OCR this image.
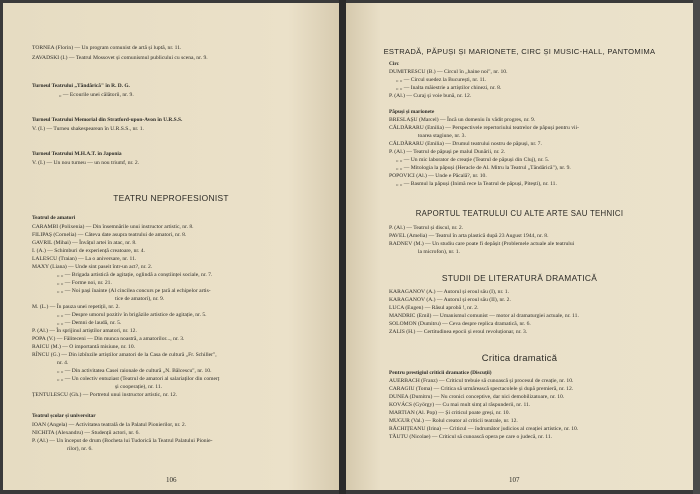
TORNEA (Florin) — Un program comunist de artă și luptă, nr. 11.
ZAVADSKI (I.) — Teatrul Mossovet și comunismul publicului cu scena, nr. 9.
Turneul Teatrului „Tăndărică" în R. D. G.
„ — Ecourile unei călătorii, nr. 9.
Turneul Teatrului Memorial din Stratford-upon-Avon în U.R.S.S.
V. (I.) — Turneu shakespearean în U.R.S.S., nr. 1.
Turneul Teatrului M.H.A.T. în Japonia
V. (I.) — Un nou turneu — un nou triumf, nr. 2.
TEATRU NEPROFESIONIST
Teatrul de amatori
CARAMBI (Polixenia) — Din însemnările unui instructor artistic, nr. 8.
FILIPAȘ (Cornelia) — Câteva date asupra teatrului de amatori, nr. 8.
GAVRIL (Mihai) — Învățul artei în atac, nr. 8.
I. (A.) — Schimburi de experiență creatoare, nr. 4.
LALESCU (Traian) — La o aniversare, nr. 11.
MAXY (Liana) — Unde sint paseit într-un act?, nr. 2.
„ „ — Brigada artistică de agitație, oglindă a conștiinței sociale, nr. 7.
„ „ — Forme noi, nr. 21.
„ „ — Noi pași înainte (Al cincilea concurs pe țară al echipelor artis-
tice de amatori), nr. 9.
M. (L.) — În pauza unei repetiții, nr. 2.
„ „ — Despre umorul pozitiv în brigăzile artistice de agitație, nr. 5.
„ „ — Demni de laudă, nr. 5.
P. (Al.) — În sprijinul artiștilor amatori, nr. 12.
POPA (V.) — Făliteceni — Din munca noastră, a amatorilor..., nr. 3.
RAICU (M.) — O importantă misiune, nr. 10.
RÎNCU (G.) — Din izbînzile artiștilor amatori de la Casa de cultură „Fr. Schiller",
nr. 4.
„ „ — Din activitatea Casei raionale de cultură „N. Bălcescu", nr. 10.
„ „ — Un colectiv entuziast (Teatrul de amatori al salariaților din comerț
și cooperație), nr. 11.
ȚENTULESCU (Gh.) — Portretul unui instructor artistic, nr. 12.
Teatrul școlar și universitar
IOAN (Angela) — Activitatea teatrală de la Palatul Pionierilor, nr. 2.
NICHITA (Alexandru) — Studenții actori, nr. 6.
P. (Al.) — Un început de drum (Bocheta lui Tudorică la Teatrul Palatului Pionie-
rilor), nr. 6.
106
ESTRADĂ, PĂPUȘI ȘI MARIONETE, CIRC ȘI MUSIC-HALL, PANTOMIMA
Circ
DUMITRESCU (B.) — Circul în „haine noi", nr. 10.
„ „ — Circul suedez la București, nr. 11.
„ „ — Inalta măiestrie a artiștilor chinezi, nr. 8.
P. (Al.) — Curaj și voie bună, nr. 12.
Păpuși și marionete
BRESLAȘU (Marcel) — Încă un domeniu în vădit progres, nr. 9.
CĂLDĂRARU (Emilia) — Perspectivele repertoriului teatrelor de păpuși pentru vii-
toarea stagiune, nr. 3.
CĂLDĂRARU (Emilia) — Drumul teatrului nostru de păpuși, nr. 7.
P. (Al.) — Teatrul de păpuși pe malul Dunării, nr. 2.
„ „ — Un mic laborator de creație (Teatrul de păpuși din Cluj), nr. 5.
„ „ — Mitologia la păpuși (Heracle de Al. Mitru la Teatrul „Tăndărică"), nr. 9.
POPOVICI (Al.) — Unde e Păcală?, nr. 10.
„ „ — Basmul la păpuși (Inimă rece la Teatrul de păpuși, Pitești), nr. 11.
RAPORTUL TEATRULUI CU ALTE ARTE SAU TEHNICI
P. (Al.) — Teatrul și discul, nr. 2.
PAVEL (Amelia) — Teatrul în arta plastică după 23 August 1944, nr. 8.
RADNEV (M.) — Un studiu care poate fi depășit (Problemele actuale ale teatrului
la microfon), nr. 1.
STUDII DE LITERATURĂ DRAMATICĂ
KARAGANOV (A.) — Autorul și eroul său (I), nr. 1.
KARAGANOV (A.) — Autorul și eroul său (II), nr. 2.
LUCA (Eugen) — Râsul aprobă !, nr. 2.
MANDRIC (Emil) — Umanismul comunist — motor al dramaturgiei actuale, nr. 11.
SOLOMON (Dumitru) — Ceva despre replica dramatică, nr. 6.
ZALIS (H.) — Certitudinea epocii și eroul revoluționar, nr. 3.
Critica dramatică
Pentru prestigiul criticii dramatice (Discuții)
AUERBACH (Franz) — Criticul trebuie să cunoască și procesul de creație, nr. 10.
CARAGIU (Toma) — Critica să urmărească spectacolele și după premieră, nr. 12.
DUNEA (Dumitru) — Nu cronici conceptive, dar nici demobilizatoare, nr. 10.
KOVÁCS (György) — Cu mai mult simț al răspunderii, nr. 11.
MARTIAN (Al. Pop) — Și criticul poate greși, nr. 10.
MUGUR (Val.) — Rolul creator al criticii teatrale, nr. 12.
RĂCHIȚEANU (Irina) — Criticul — îndrumător judicios al creației artistice, nr. 10.
TĂUTU (Nicolae) — Criticul să cunoască opera pe care o judecă, nr. 11.
107
